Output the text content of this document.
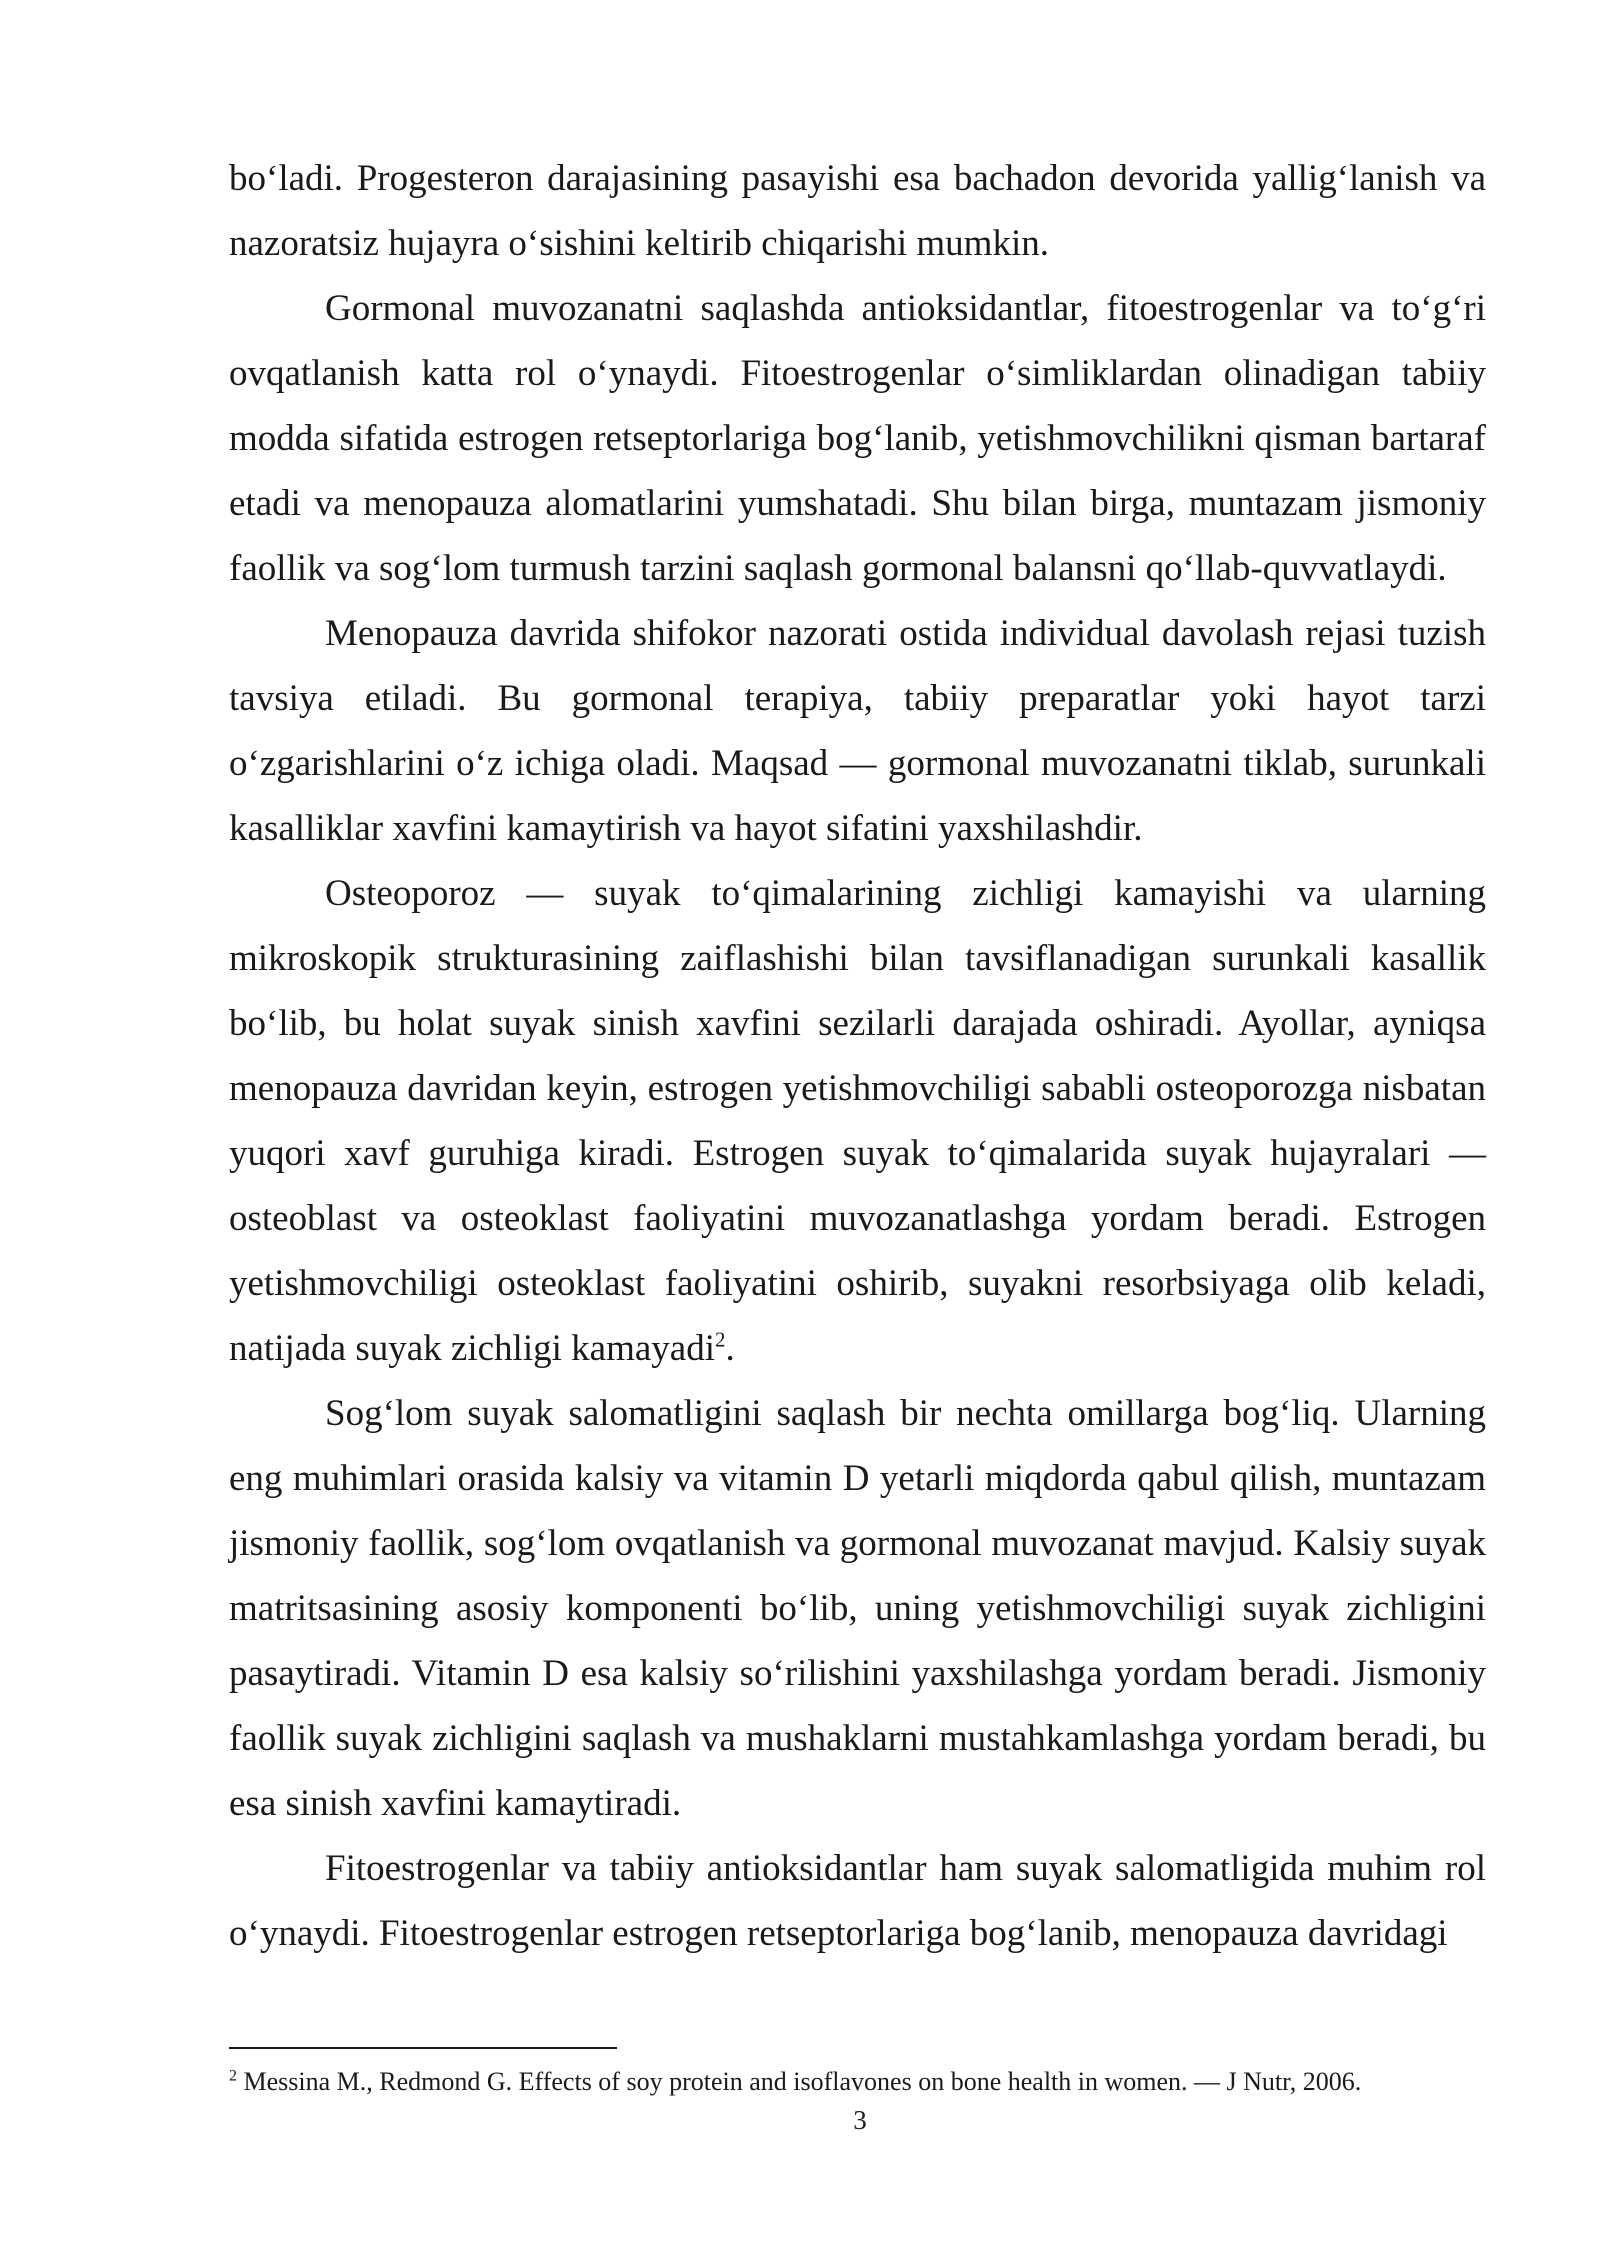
bo‘ladi. Progesteron darajasining pasayishi esa bachadon devorida yallig‘lanish va nazoratsiz hujayra o‘sishini keltirib chiqarishi mumkin.

Gormonal muvozanatni saqlashda antioksidantlar, fitoestrogenlar va to‘g‘ri ovqatlanish katta rol o‘ynaydi. Fitoestrogenlar o‘simliklardan olinadigan tabiiy modda sifatida estrogen retseptorlariga bog‘lanib, yetishmovchilikni qisman bartaraf etadi va menopauza alomatlarini yumshatadi. Shu bilan birga, muntazam jismoniy faollik va sog‘lom turmush tarzini saqlash gormonal balansni qo‘llab-quvvatlaydi.

Menopauza davrida shifokor nazorati ostida individual davolash rejasi tuzish tavsiya etiladi. Bu gormonal terapiya, tabiiy preparatlar yoki hayot tarzi o‘zgarishlarini o‘z ichiga oladi. Maqsad — gormonal muvozanatni tiklab, surunkali kasalliklar xavfini kamaytirish va hayot sifatini yaxshilashdir.

Osteoporoz — suyak to‘qimalarining zichligi kamayishi va ularning mikroskopik strukturasining zaiflashishi bilan tavsiflanadigan surunkali kasallik bo‘lib, bu holat suyak sinish xavfini sezilarli darajada oshiradi. Ayollar, ayniqsa menopauza davridan keyin, estrogen yetishmovchiligi sababli osteoporozga nisbatan yuqori xavf guruhiga kiradi. Estrogen suyak to‘qimalarida suyak hujayralari — osteoblast va osteoklast faoliyatini muvozanatlashga yordam beradi. Estrogen yetishmovchiligi osteoklast faoliyatini oshirib, suyakni resorbsiyaga olib keladi, natijada suyak zichligi kamayadi$^2$.

Sog‘lom suyak salomatligini saqlash bir nechta omillarga bog‘liq. Ularning eng muhimlari orasida kalsiy va vitamin D yetarli miqdorda qabul qilish, muntazam jismoniy faollik, sog‘lom ovqatlanish va gormonal muvozanat mavjud. Kalsiy suyak matritsasining asosiy komponenti bo‘lib, uning yetishmovchiligi suyak zichligini pasaytiradi. Vitamin D esa kalsiy so‘rilishini yaxshilashga yordam beradi. Jismoniy faollik suyak zichligini saqlash va mushaklarni mustahkamlashga yordam beradi, bu esa sinish xavfini kamaytiradi.

Fitoestrogenlar va tabiiy antioksidantlar ham suyak salomatligida muhim rol o‘ynaydi. Fitoestrogenlar estrogen retseptorlariga bog‘lanib, menopauza davridagi

$^2$ Messina M., Redmond G. Effects of soy protein and isoflavones on bone health in women. — J Nutr, 2006.
3
